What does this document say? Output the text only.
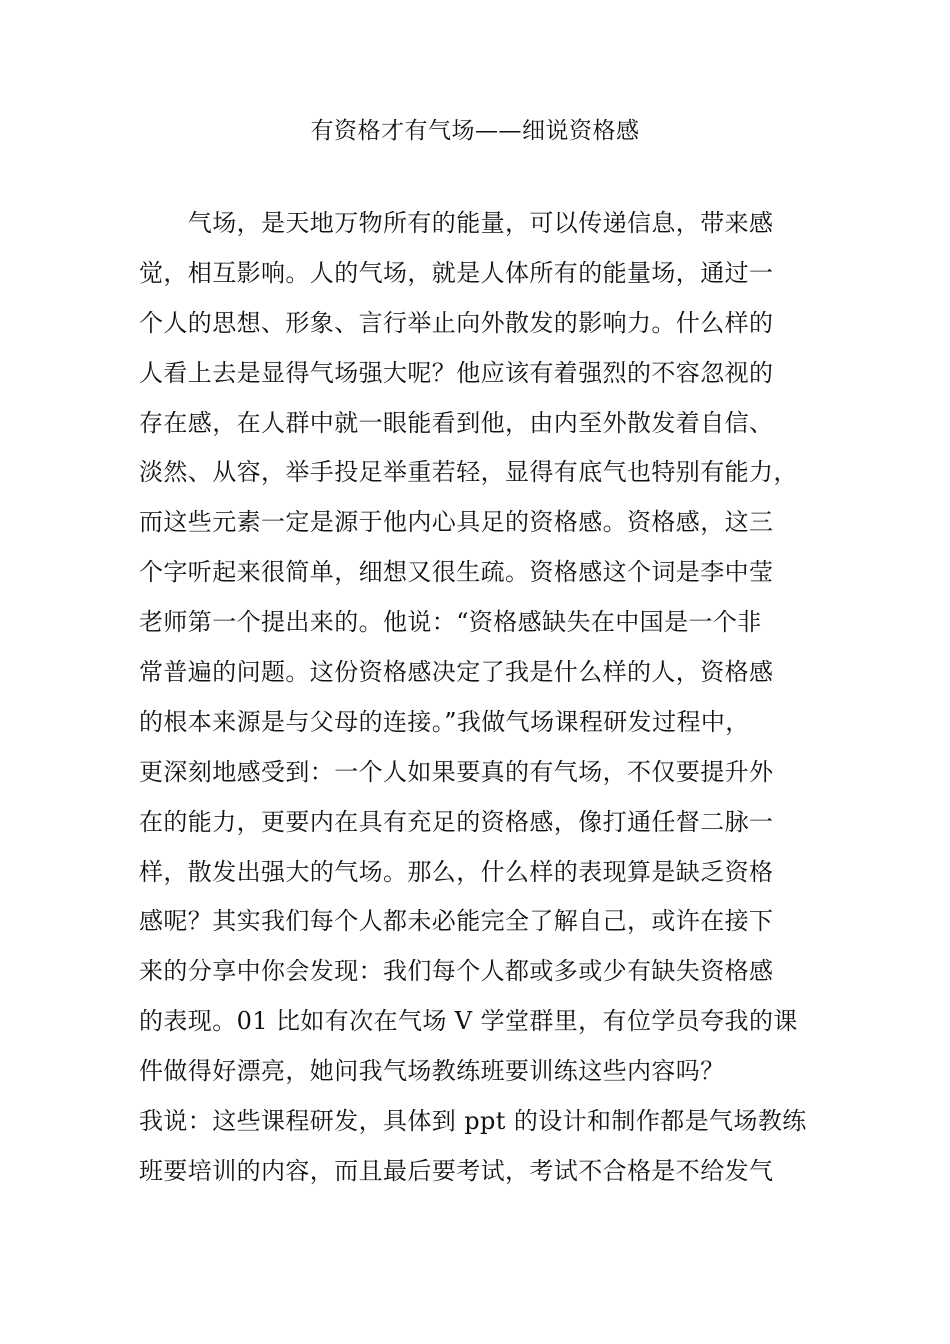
有资格才有气场——细说资格感
　　气场，是天地万物所有的能量，可以传递信息，带来感
觉，相互影响。人的气场，就是人体所有的能量场，通过一
个人的思想、形象、言行举止向外散发的影响力。什么样的
人看上去是显得气场强大呢？他应该有着强烈的不容忽视的
存在感，在人群中就一眼能看到他，由内至外散发着自信、
淡然、从容，举手投足举重若轻，显得有底气也特别有能力，
而这些元素一定是源于他内心具足的资格感。资格感，这三
个字听起来很简单，细想又很生疏。资格感这个词是李中莹
老师第一个提出来的。他说：“资格感缺失在中国是一个非
常普遍的问题。这份资格感决定了我是什么样的人，资格感
的根本来源是与父母的连接。”我做气场课程研发过程中，
更深刻地感受到：一个人如果要真的有气场，不仅要提升外
在的能力，更要内在具有充足的资格感，像打通任督二脉一
样，散发出强大的气场。那么，什么样的表现算是缺乏资格
感呢？其实我们每个人都未必能完全了解自己，或许在接下
来的分享中你会发现：我们每个人都或多或少有缺失资格感
的表现。01 比如有次在气场 V 学堂群里，有位学员夸我的课
件做得好漂亮，她问我气场教练班要训练这些内容吗？
我说：这些课程研发，具体到 ppt 的设计和制作都是气场教练
班要培训的内容，而且最后要考试，考试不合格是不给发气
